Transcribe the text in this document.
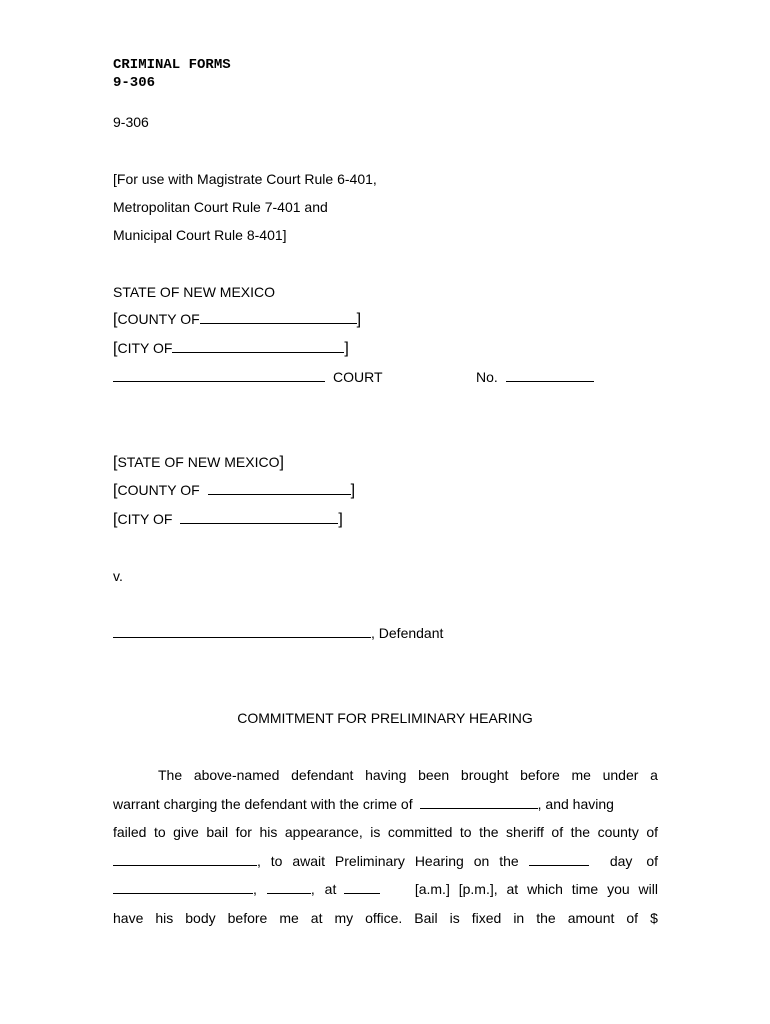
CRIMINAL FORMS
9-306
9-306
[For use with Magistrate Court Rule 6-401,
Metropolitan Court Rule 7-401 and
Municipal Court Rule 8-401]
STATE OF NEW MEXICO
[COUNTY OF	]
[CITY OF	]
COURT	No.
[STATE OF NEW MEXICO]
[COUNTY OF	]
[CITY OF	]
v.
, Defendant
COMMITMENT FOR PRELIMINARY HEARING
The above-named defendant having been brought before me under a
warrant charging the defendant with the crime of	, and having
failed to give bail for his appearance, is committed to the sheriff of the county of
, to await Preliminary Hearing on the	day of
,	, at	[a.m.] [p.m.], at which time you will
have his body before me at my office. Bail is fixed in the amount of $
